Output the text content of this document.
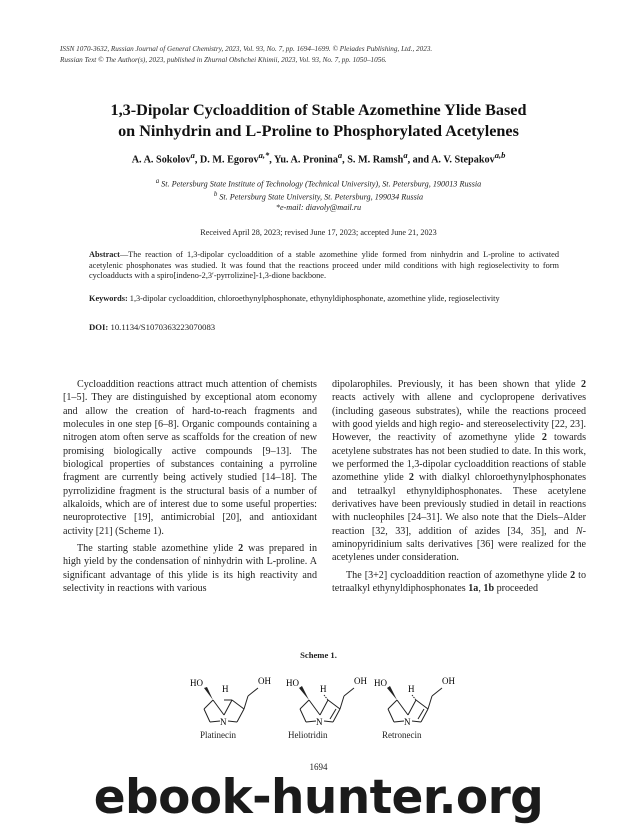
ISSN 1070-3632, Russian Journal of General Chemistry, 2023, Vol. 93, No. 7, pp. 1694–1699. © Pleiades Publishing, Ltd., 2023.
Russian Text © The Author(s), 2023, published in Zhurnal Obshchei Khimii, 2023, Vol. 93, No. 7, pp. 1050–1056.
1,3-Dipolar Cycloaddition of Stable Azomethine Ylide Based
on Ninhydrin and L-Proline to Phosphorylated Acetylenes
A. A. Sokolov$^a$, D. M. Egorov$^{a,*}$, Yu. A. Pronina$^a$, S. M. Ramsh$^a$, and A. V. Stepakov$^{a,b}$
$^a$ St. Petersburg State Institute of Technology (Technical University), St. Petersburg, 190013 Russia
$^b$ St. Petersburg State University, St. Petersburg, 199034 Russia
*e-mail: diavoly@mail.ru
Received April 28, 2023; revised June 17, 2023; accepted June 21, 2023
Abstract—The reaction of 1,3-dipolar cycloaddition of a stable azomethine ylide formed from ninhydrin and L-proline to activated acetylenic phosphonates was studied. It was found that the reactions proceed under mild conditions with high regioselectivity to form cycloadducts with a spiro[indeno-2,3′-pyrrolizine]-1,3-dione backbone.
Keywords: 1,3-dipolar cycloaddition, chloroethynylphosphonate, ethynyldiphosphonate, azomethine ylide, regioselectivity
DOI: 10.1134/S1070363223070083

Cycloaddition reactions attract much attention of chemists [1–5]. They are distinguished by exceptional atom economy and allow the creation of hard-to-reach fragments and molecules in one step [6–8]. Organic compounds containing a nitrogen atom often serve as scaffolds for the creation of new promising biologically active compounds [9–13]. The biological properties of substances containing a pyrroline fragment are currently being actively studied [14–18]. The pyrrolizidine fragment is the structural basis of a number of alkaloids, which are of interest due to some useful properties: neuroprotective [19], antimicrobial [20], and antioxidant activity [21] (Scheme 1).

The starting stable azomethine ylide 2 was prepared in high yield by the condensation of ninhydrin with L-proline. A significant advantage of this ylide is its high reactivity and selectivity in reactions with various

dipolarophiles. Previously, it has been shown that ylide 2 reacts actively with allene and cyclopropene derivatives (including gaseous substrates), while the reactions proceed with good yields and high regio- and stereoselectivity [22, 23]. However, the reactivity of azomethyne ylide 2 towards acetylene substrates has not been studied to date. In this work, we performed the 1,3-dipolar cycloaddition reactions of stable azomethine ylide 2 with dialkyl chloroethynylphosphonates and tetraalkyl ethynyldiphosphonates. These acetylene derivatives have been previously studied in detail in reactions with nucleophiles [24–31]. We also note that the Diels–Alder reaction [32, 33], addition of azides [34, 35], and N-aminopyridinium salts derivatives [36] were realized for the acetylenes under consideration.

The [3+2] cycloaddition reaction of azomethyne ylide 2 to tetraalkyl ethynyldiphosphonates 1a, 1b proceeded

Scheme 1.
HO
H
OH
N
Platinecin
HO
H
OH
N
Heliotridin
HO
H
OH
N
Retronecin
1694
ebook-hunter.org
